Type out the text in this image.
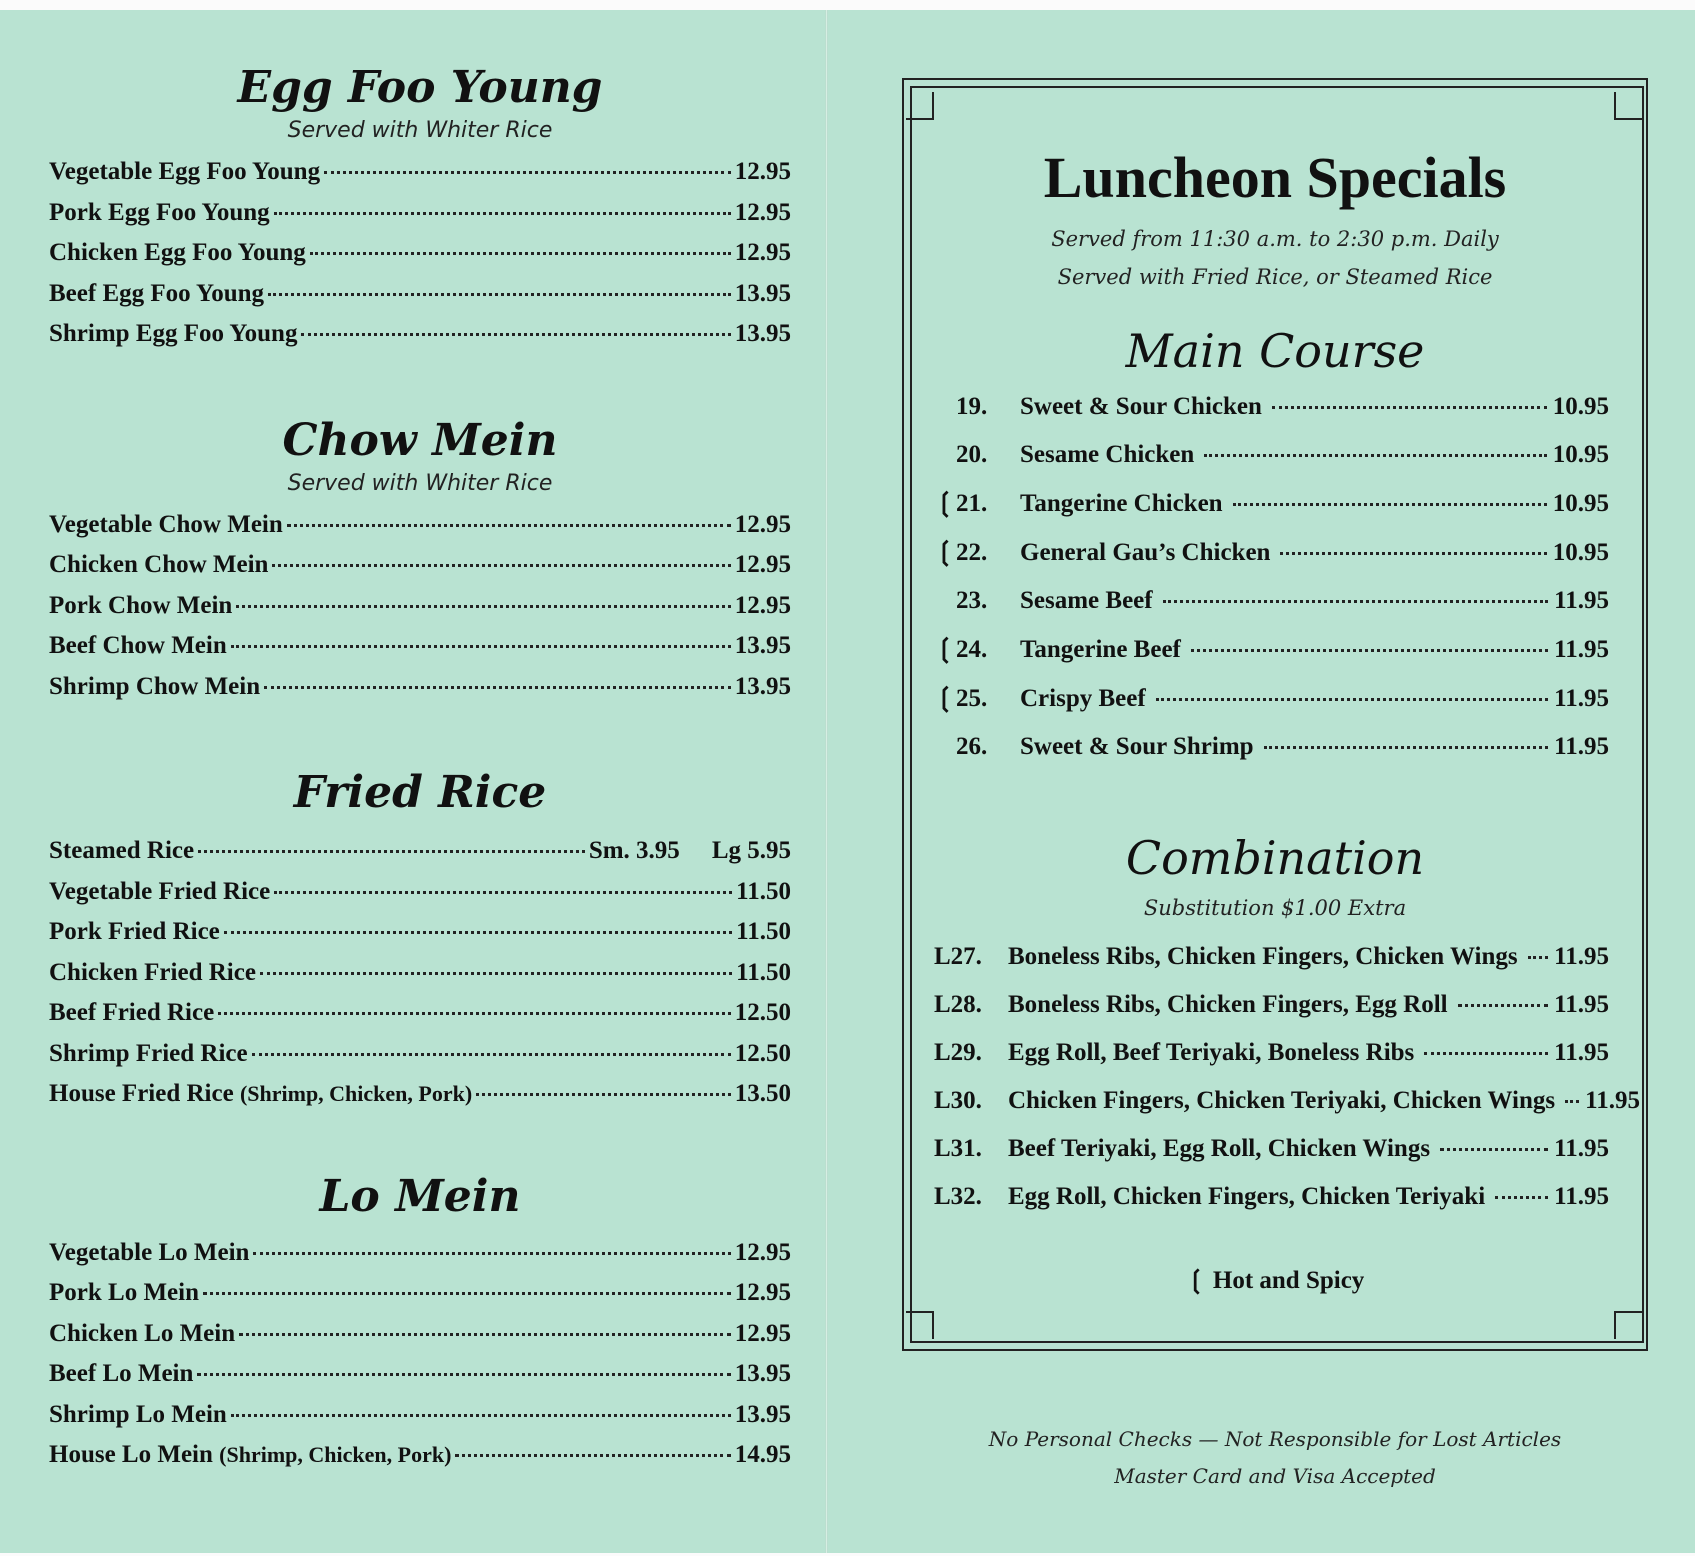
Egg Foo Young

Served with Whiter Rice

Vegetable Egg Foo Young	12.95
Pork Egg Foo Young	12.95
Chicken Egg Foo Young	12.95
Beef Egg Foo Young	13.95
Shrimp Egg Foo Young	13.95
Chow Mein

Served with Whiter Rice

Vegetable Chow Mein	12.95
Chicken Chow Mein	12.95
Pork Chow Mein	12.95
Beef Chow Mein	13.95
Shrimp Chow Mein	13.95
Fried Rice
Steamed Rice	Sm. 3.95 Lg 5.95
Vegetable Fried Rice	11.50
Pork Fried Rice	11.50
Chicken Fried Rice	11.50
Beef Fried Rice	12.50
Shrimp Fried Rice	12.50
House Fried Rice (Shrimp, Chicken, Pork)	13.50
Lo Mein
Vegetable Lo Mein	12.95
Pork Lo Mein	12.95
Chicken Lo Mein	12.95
Beef Lo Mein	13.95
Shrimp Lo Mein	13.95
House Lo Mein (Shrimp, Chicken, Pork)	14.95
Luncheon Specials
Served from 11:30 a.m. to 2:30 p.m. Daily
Served with Fried Rice, or Steamed Rice
Main Course
19.	Sweet & Sour Chicken	10.95
20.	Sesame Chicken	10.95
❲ 21.	Tangerine Chicken	10.95
❲ 22.	General Gau’s Chicken	10.95
23.	Sesame Beef	11.95
❲ 24.	Tangerine Beef	11.95
❲ 25.	Crispy Beef	11.95
26.	Sweet & Sour Shrimp	11.95
Combination
Substitution $1.00 Extra
L27.	Boneless Ribs, Chicken Fingers, Chicken Wings 11.95
L28.	Boneless Ribs, Chicken Fingers, Egg Roll	11.95
L29.	Egg Roll, Beef Teriyaki, Boneless Ribs	11.95
L30.	Chicken Fingers, Chicken Teriyaki, Chicken Wings 11.95
L31.	Beef Teriyaki, Egg Roll, Chicken Wings	11.95
L32.	Egg Roll, Chicken Fingers, Chicken Teriyaki	11.95
❲ Hot and Spicy
No Personal Checks — Not Responsible for Lost Articles
Master Card and Visa Accepted
